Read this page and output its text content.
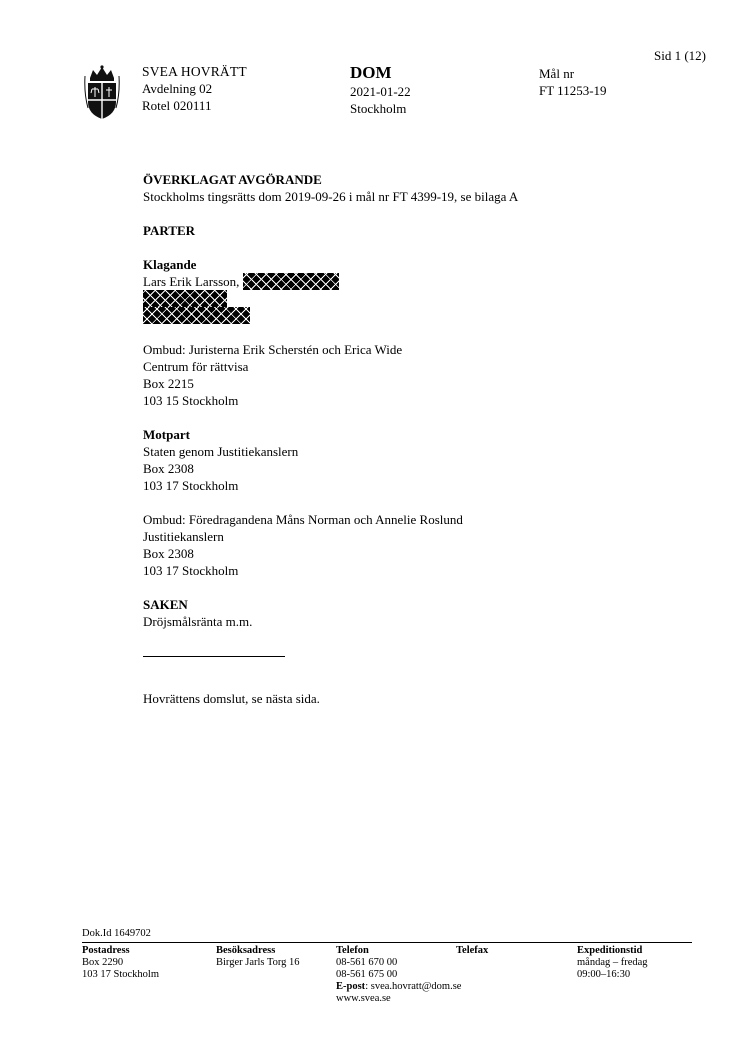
Sid 1 (12)
SVEA HOVRÄTT
Avdelning 02
Rotel 020111
DOM
2021-01-22
Stockholm
Mål nr
FT 11253-19
ÖVERKLAGAT AVGÖRANDE
Stockholms tingsrätts dom 2019-09-26 i mål nr FT 4399-19, se bilaga A
PARTER
Klagande
Lars Erik Larsson,
Ombud: Juristerna Erik Scherstén och Erica Wide
Centrum för rättvisa
Box 2215
103 15 Stockholm
Motpart
Staten genom Justitiekanslern
Box 2308
103 17 Stockholm
Ombud: Föredragandena Måns Norman och Annelie Roslund
Justitiekanslern
Box 2308
103 17 Stockholm
SAKEN
Dröjsmålsränta m.m.
Hovrättens domslut, se nästa sida.
Dok.Id 1649702
Postadress
Box 2290
103 17 Stockholm
Besöksadress
Birger Jarls Torg 16
Telefon
08-561 670 00
08-561 675 00
E-post: svea.hovratt@dom.se
www.svea.se
Telefax	Expeditionstid
måndag – fredag
09:00–16:30
